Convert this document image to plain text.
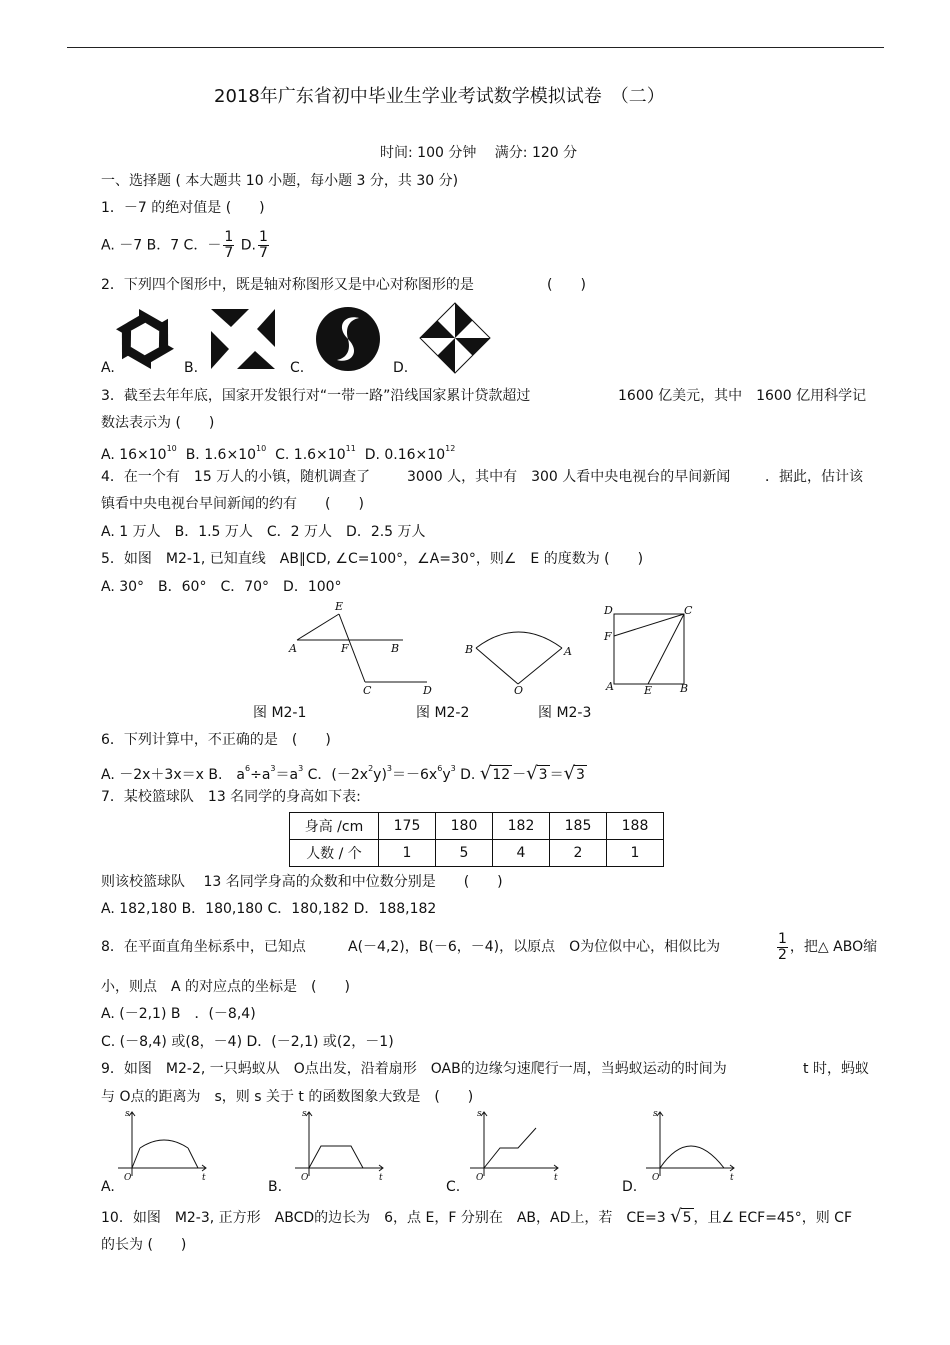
2018年广东省初中毕业生学业考试数学模拟试卷　（二）
时间: 100 分钟　 满分: 120 分
一、选择题 ( 本大题共 10 小题，每小题 3 分，共 30 分)
1．－7 的绝对值是 (　　)
A. －7 B．7 C．－ $\frac{1}{7} D$. $\frac{1}{7}$
2．下列四个图形中，既是轴对称图形又是中心对称图形的是	(　　)
A.	B.	C.	D.
3．截至去年年底，国家开发银行对“一带一路”沿线国家累计贷款超过	1600 亿美元，其中　1600 亿用科学记
数法表示为 (　　)
A. $16\times 10^{10}$ B. $1.6\times 10^{10}$ C. $1.6\times 10^{11}$ D. $0.16\times 10^{12}$
4．在一个有　15 万人的小镇，随机调查了	3000 人，其中有　300 人看中央电视台的早间新闻 ．据此，估计该
镇看中央电视台早间新闻的约有　　(　　)
A. 1 万人　B．1.5 万人　C．2 万人　D．2.5 万人
5．如图　M2-1, 已知直线　AB∥CD, ∠C=100°，∠A=30°，则∠　E 的度数为 (　　)
A. 30°　B．60°　C．70°　D．100°
E
A	F	B
C	D
图 M2-1
B	A
O
图 M2-2
D	C
F
A	E	B
图 M2-3
6．下列计算中，不正确的是　(　　)
A. －2x＋3x＝x B.　$a^6\div a^3=a^3$ C．$(-2x^2y)^3=-6x^6y^3$ D. √12 －√3 ＝√3
7．某校篮球队　13 名同学的身高如下表:
身高 /cm	175	180	182	185	188
人数 / 个	1	5	4	2	1
则该校篮球队　 13 名同学身高的众数和中位数分别是　　(　　)
A. 182,180 B．180,180 C．180,182 D．188,182
8．在平面直角坐标系中，已知点	A(－4,2)，B(－6，－4)，以原点　O为位似中心，相似比为	$\frac{1}{2}$ ，把△ ABO缩
小，则点　A 的对应点的坐标是　(　　)
A. (－2,1) B　．(－8,4)
C. (－8,4) 或(8，－4) D．(－2,1) 或(2，－1)
9．如图　M2-2, 一只蚂蚁从　O点出发，沿着扇形　OAB的边缘匀速爬行一周，当蚂蚁运动的时间为	t 时，蚂蚁
与 O点的距离为　s，则 s 关于 t 的函数图象大致是　(　　)
A.
s
O	t
B.
s
O	t
C.
s
O	t
D.
s
O	t
10．如图　M2-3, 正方形　ABCD的边长为　6，点 E，F 分别在　AB，AD上，若　CE=3 √5 ，且∠ ECF=45°，则 CF
的长为 (　　)
